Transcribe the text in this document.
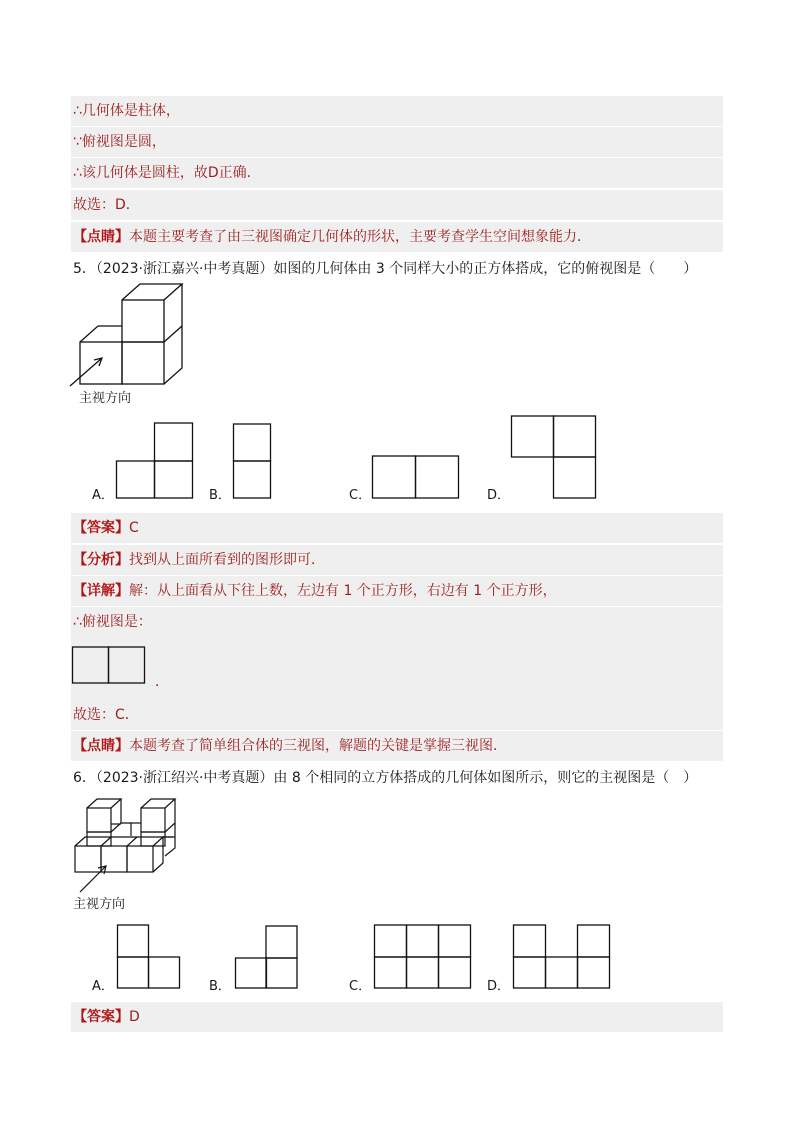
∴几何体是柱体，
∵俯视图是圆，
∴该几何体是圆柱，故D正确．
故选：D．
【点睛】本题主要考查了由三视图确定几何体的形状，主要考查学生空间想象能力．
5．（2023·浙江嘉兴·中考真题）如图的几何体由 3 个同样大小的正方体搭成，它的俯视图是（　　）
主视方向
A．	B．	C．	D．
【答案】C
【分析】找到从上面所看到的图形即可．
【详解】解：从上面看从下往上数，左边有 1 个正方形，右边有 1 个正方形，
∴俯视图是：
．
故选：C．
【点睛】本题考查了简单组合体的三视图，解题的关键是掌握三视图．
6．（2023·浙江绍兴·中考真题）由 8 个相同的立方体搭成的几何体如图所示，则它的主视图是（　）
主视方向
A．	B．	C．	D．
【答案】D
